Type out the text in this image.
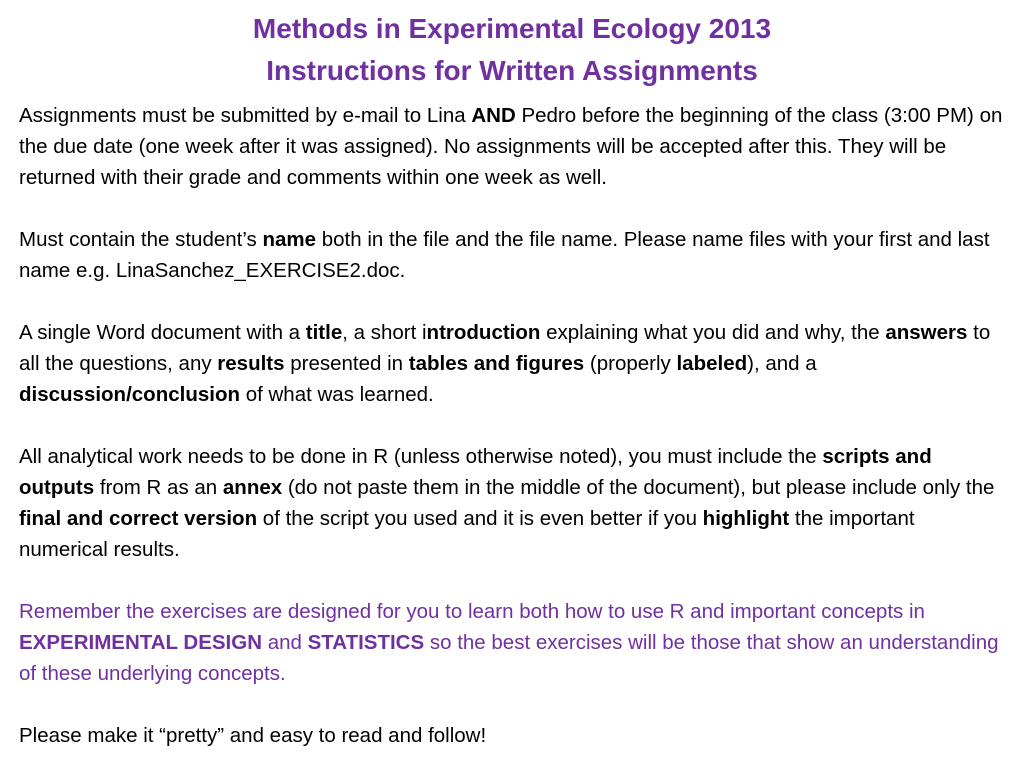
Methods in Experimental Ecology 2013
Instructions for Written Assignments

Assignments must be submitted by e-mail to Lina AND Pedro before the beginning of the class (3:00 PM) on the due date (one week after it was assigned). No assignments will be accepted after this. They will be returned with their grade and comments within one week as well.

Must contain the student’s name both in the file and the file name. Please name files with your first and last name e.g. LinaSanchez_EXERCISE2.doc.

A single Word document with a title, a short introduction explaining what you did and why, the answers to all the questions, any results presented in tables and figures (properly labeled), and a discussion/conclusion of what was learned.

All analytical work needs to be done in R (unless otherwise noted), you must include the scripts and outputs from R as an annex (do not paste them in the middle of the document), but please include only the final and correct version of the script you used and it is even better if you highlight the important numerical results.

Remember the exercises are designed for you to learn both how to use R and important concepts in EXPERIMENTAL DESIGN and STATISTICS so the best exercises will be those that show an understanding of these underlying concepts.

Please make it “pretty” and easy to read and follow!
